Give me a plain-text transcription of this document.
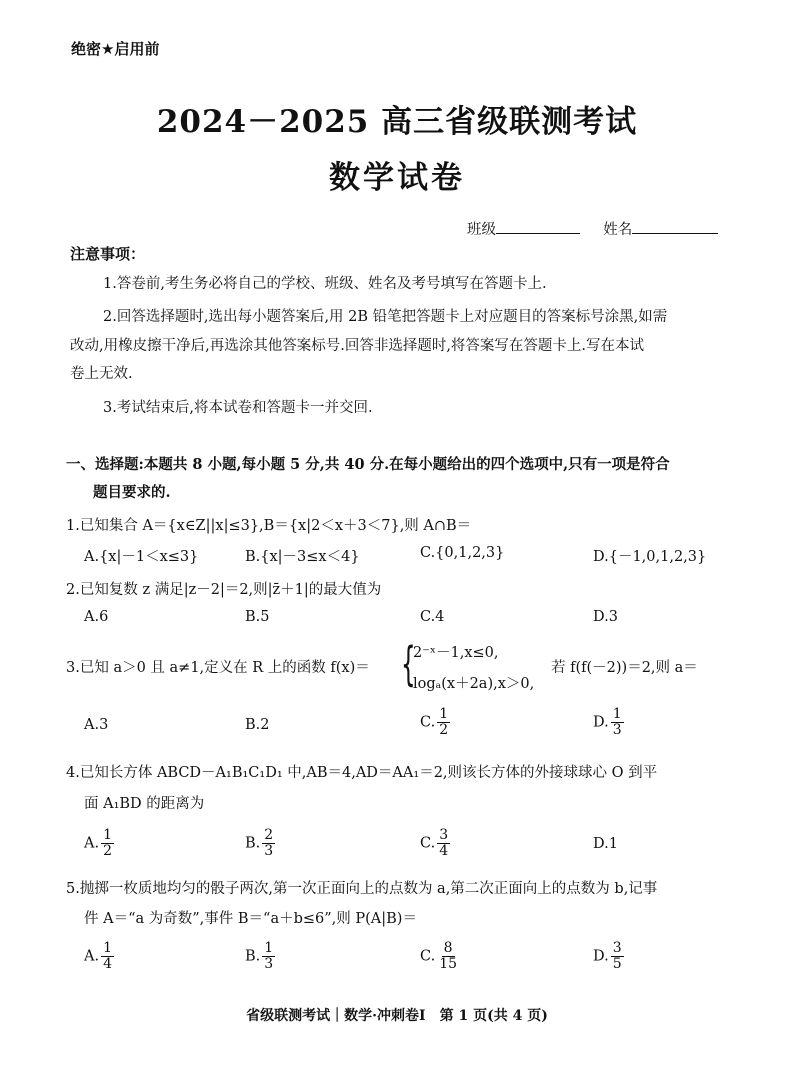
绝密★启用前
2024－2025 高三省级联测考试
数学试卷
班级	姓名
注意事项：
1.答卷前,考生务必将自己的学校、班级、姓名及考号填写在答题卡上.
2.回答选择题时,选出每小题答案后,用 2B 铅笔把答题卡上对应题目的答案标号涂黑,如需
改动,用橡皮擦干净后,再选涂其他答案标号.回答非选择题时,将答案写在答题卡上.写在本试
卷上无效.
3.考试结束后,将本试卷和答题卡一并交回.
一、选择题:本题共 8 小题,每小题 5 分,共 40 分.在每小题给出的四个选项中,只有一项是符合
题目要求的.
1.已知集合 A＝{x∈Z||x|≤3},B＝{x|2＜x＋3＜7},则 A∩B＝
A.{x|－1＜x≤3}	B.{x|－3≤x＜4}	C.{0,1,2,3}	D.{－1,0,1,2,3}
2.已知复数 z 满足|z－2|＝2,则|z̄＋1|的最大值为
A.6	B.5	C.4	D.3
3.已知 a＞0 且 a≠1,定义在 R 上的函数 f(x)＝ {
2⁻ˣ－1,x≤0,
logₐ(x＋2a),x＞0,
若 f(f(－2))＝2,则 a＝
A.3	B.2	C. $\frac{1}{2}$	D. $\frac{1}{3}$
4.已知长方体 ABCD－A₁B₁C₁D₁ 中,AB＝4,AD＝AA₁＝2,则该长方体的外接球球心 O 到平
面 A₁BD 的距离为
A. $\frac{1}{2}$	B. $\frac{2}{3}$	C. $\frac{3}{4}$	D.1
5.抛掷一枚质地均匀的骰子两次,第一次正面向上的点数为 a,第二次正面向上的点数为 b,记事
件 A＝“a 为奇数”,事件 B＝“a＋b≤6”,则 P(A|B)＝
A. $\frac{1}{4}$	B. $\frac{1}{3}$	C. $\frac{8}{15}$	D. $\frac{3}{5}$
省级联测考试｜数学·冲刺卷Ⅰ　第 1 页(共 4 页)
